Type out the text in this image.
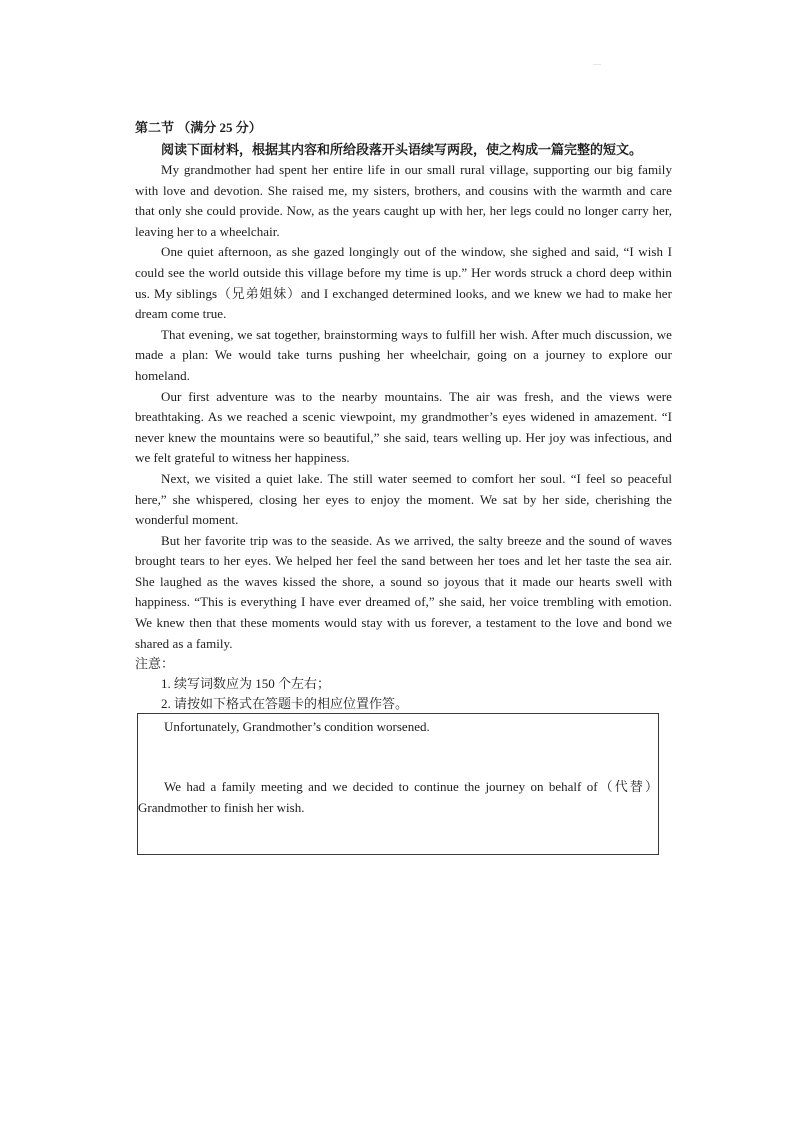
第二节 （满分 25 分）

阅读下面材料，根据其内容和所给段落开头语续写两段，使之构成一篇完整的短文。

My grandmother had spent her entire life in our small rural village, supporting our big family with love and devotion. She raised me, my sisters, brothers, and cousins with the warmth and care that only she could provide. Now, as the years caught up with her, her legs could no longer carry her, leaving her to a wheelchair.

One quiet afternoon, as she gazed longingly out of the window, she sighed and said, “I wish I could see the world outside this village before my time is up.” Her words struck a chord deep within us. My siblings（兄弟姐妹）and I exchanged determined looks, and we knew we had to make her dream come true.

That evening, we sat together, brainstorming ways to fulfill her wish. After much discussion, we made a plan: We would take turns pushing her wheelchair, going on a journey to explore our homeland.

Our first adventure was to the nearby mountains. The air was fresh, and the views were breathtaking. As we reached a scenic viewpoint, my grandmother’s eyes widened in amazement. “I never knew the mountains were so beautiful,” she said, tears welling up. Her joy was infectious, and we felt grateful to witness her happiness.

Next, we visited a quiet lake. The still water seemed to comfort her soul. “I feel so peaceful here,” she whispered, closing her eyes to enjoy the moment. We sat by her side, cherishing the wonderful moment.

But her favorite trip was to the seaside. As we arrived, the salty breeze and the sound of waves brought tears to her eyes. We helped her feel the sand between her toes and let her taste the sea air. She laughed as the waves kissed the shore, a sound so joyous that it made our hearts swell with happiness. “This is everything I have ever dreamed of,” she said, her voice trembling with emotion. We knew then that these moments would stay with us forever, a testament to the love and bond we shared as a family.

注意：

1. 续写词数应为 150 个左右；

2. 请按如下格式在答题卡的相应位置作答。

Unfortunately, Grandmother’s condition worsened.

We had a family meeting and we decided to continue the journey on behalf of（代替）Grandmother to finish her wish.
